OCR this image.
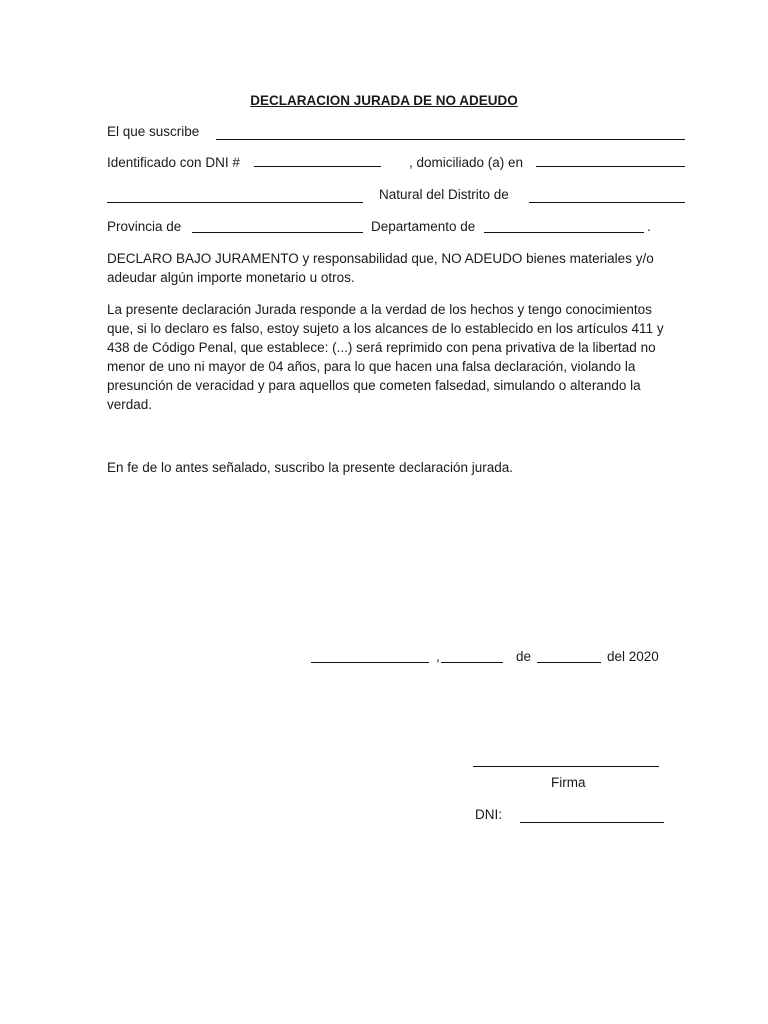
DECLARACION JURADA DE NO ADEUDO
El que suscribe
Identificado con DNI #	, domiciliado (a) en
Natural del Distrito de
Provincia de	Departamento de	.

DECLARO BAJO JURAMENTO y responsabilidad que, NO ADEUDO bienes materiales y/o adeudar algún importe monetario u otros.

La presente declaración Jurada responde a la verdad de los hechos y tengo conocimientos que, si lo declaro es falso, estoy sujeto a los alcances de lo establecido en los artículos 411 y 438 de Código Penal, que establece: (...) será reprimido con pena privativa de la libertad no menor de uno ni mayor de 04 años, para lo que hacen una falsa declaración, violando la presunción de veracidad y para aquellos que cometen falsedad, simulando o alterando la verdad.

En fe de lo antes señalado, suscribo la presente declaración jurada.

,	de	del 2020
Firma
DNI:
